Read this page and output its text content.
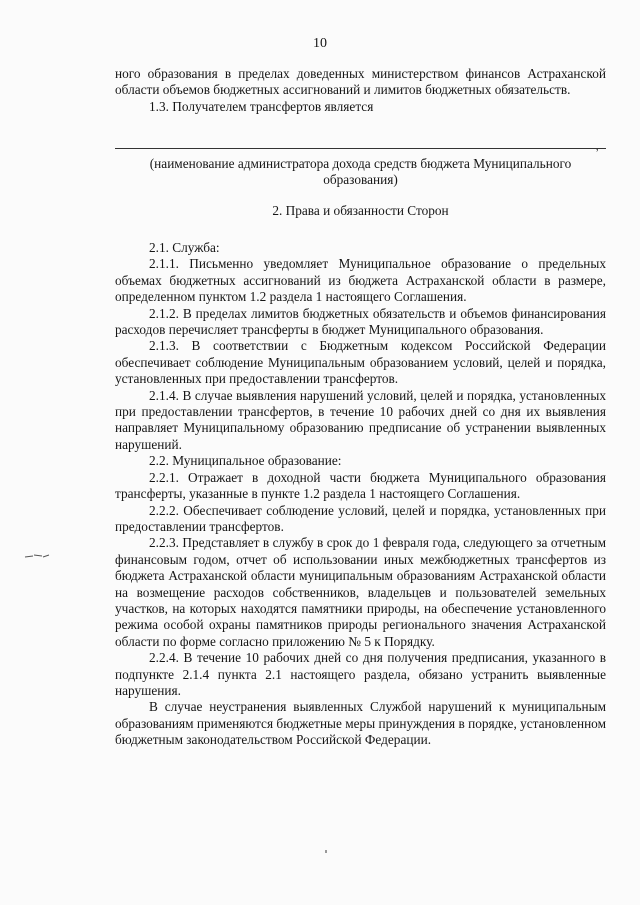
10

ного образования в пределах доведенных министерством финансов Астраханской области объемов бюджетных ассигнований и лимитов бюджетных обязательств.

1.3. Получателем трансфертов является

,

(наименование администратора дохода средств бюджета Муниципального образования)

2. Права и обязанности Сторон

2.1. Служба:

2.1.1. Письменно уведомляет Муниципальное образование о предельных объемах бюджетных ассигнований из бюджета Астраханской области в размере, определенном пунктом 1.2 раздела 1 настоящего Соглашения.

2.1.2. В пределах лимитов бюджетных обязательств и объемов финансирования расходов перечисляет трансферты в бюджет Муниципального образования.

2.1.3. В соответствии с Бюджетным кодексом Российской Федерации обеспечивает соблюдение Муниципальным образованием условий, целей и порядка, установленных при предоставлении трансфертов.

2.1.4. В случае выявления нарушений условий, целей и порядка, установленных при предоставлении трансфертов, в течение 10 рабочих дней со дня их выявления направляет Муниципальному образованию предписание об устранении выявленных нарушений.

2.2. Муниципальное образование:

2.2.1. Отражает в доходной части бюджета Муниципального образования трансферты, указанные в пункте 1.2 раздела 1 настоящего Соглашения.

2.2.2. Обеспечивает соблюдение условий, целей и порядка, установленных при предоставлении трансфертов.

2.2.3. Представляет в службу в срок до 1 февраля года, следующего за отчетным финансовым годом, отчет об использовании иных межбюджетных трансфертов из бюджета Астраханской области муниципальным образованиям Астраханской области на возмещение расходов собственников, владельцев и пользователей земельных участков, на которых находятся памятники природы, на обеспечение установленного режима особой охраны памятников природы регионального значения Астраханской области по форме согласно приложению № 5 к Порядку.

2.2.4. В течение 10 рабочих дней со дня получения предписания, указанного в подпункте 2.1.4 пункта 2.1 настоящего раздела, обязано устранить выявленные нарушения.

В случае неустранения выявленных Службой нарушений к муниципальным образованиям применяются бюджетные меры принуждения в порядке, установленном бюджетным законодательством Российской Федерации.
